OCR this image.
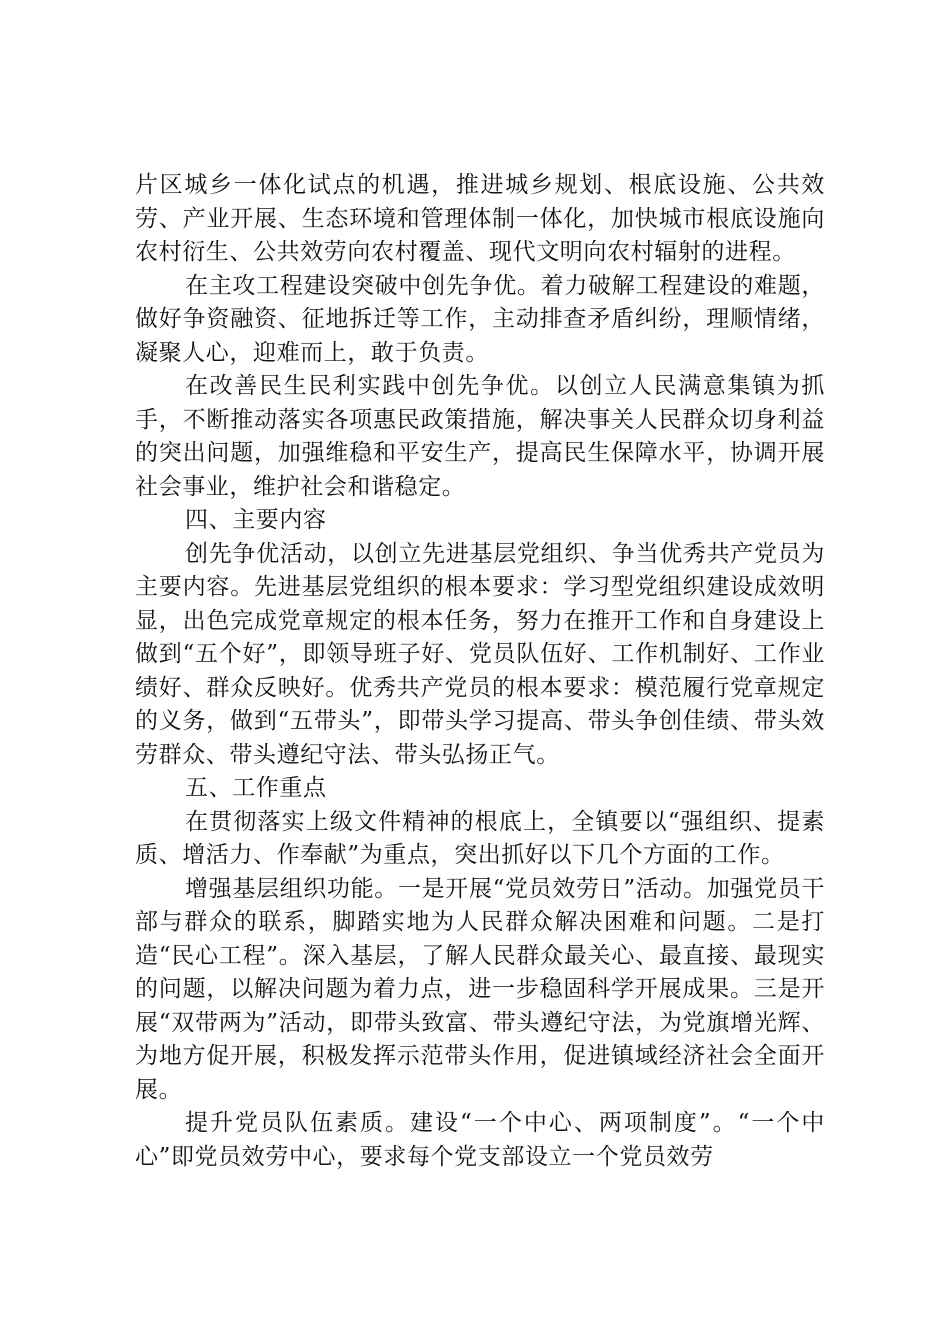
片区城乡一体化试点的机遇，推进城乡规划、根底设施、公共效劳、产业开展、生态环境和管理体制一体化，加快城市根底设施向农村衍生、公共效劳向农村覆盖、现代文明向农村辐射的进程。

在主攻工程建设突破中创先争优。着力破解工程建设的难题，做好争资融资、征地拆迁等工作，主动排查矛盾纠纷，理顺情绪，凝聚人心，迎难而上，敢于负责。

在改善民生民利实践中创先争优。以创立人民满意集镇为抓手，不断推动落实各项惠民政策措施，解决事关人民群众切身利益的突出问题，加强维稳和平安生产，提高民生保障水平，协调开展社会事业，维护社会和谐稳定。

四、主要内容

创先争优活动，以创立先进基层党组织、争当优秀共产党员为主要内容。先进基层党组织的根本要求：学习型党组织建设成效明显，出色完成党章规定的根本任务，努力在推开工作和自身建设上做到“五个好”，即领导班子好、党员队伍好、工作机制好、工作业绩好、群众反映好。优秀共产党员的根本要求：模范履行党章规定的义务，做到“五带头”，即带头学习提高、带头争创佳绩、带头效劳群众、带头遵纪守法、带头弘扬正气。

五、工作重点

在贯彻落实上级文件精神的根底上，全镇要以“强组织、提素质、增活力、作奉献”为重点，突出抓好以下几个方面的工作。

增强基层组织功能。一是开展“党员效劳日”活动。加强党员干部与群众的联系，脚踏实地为人民群众解决困难和问题。二是打造“民心工程”。深入基层，了解人民群众最关心、最直接、最现实的问题，以解决问题为着力点，进一步稳固科学开展成果。三是开展“双带两为”活动，即带头致富、带头遵纪守法，为党旗增光辉、为地方促开展，积极发挥示范带头作用，促进镇域经济社会全面开展。

提升党员队伍素质。建设“一个中心、两项制度”。“一个中心”即党员效劳中心，要求每个党支部设立一个党员效劳
